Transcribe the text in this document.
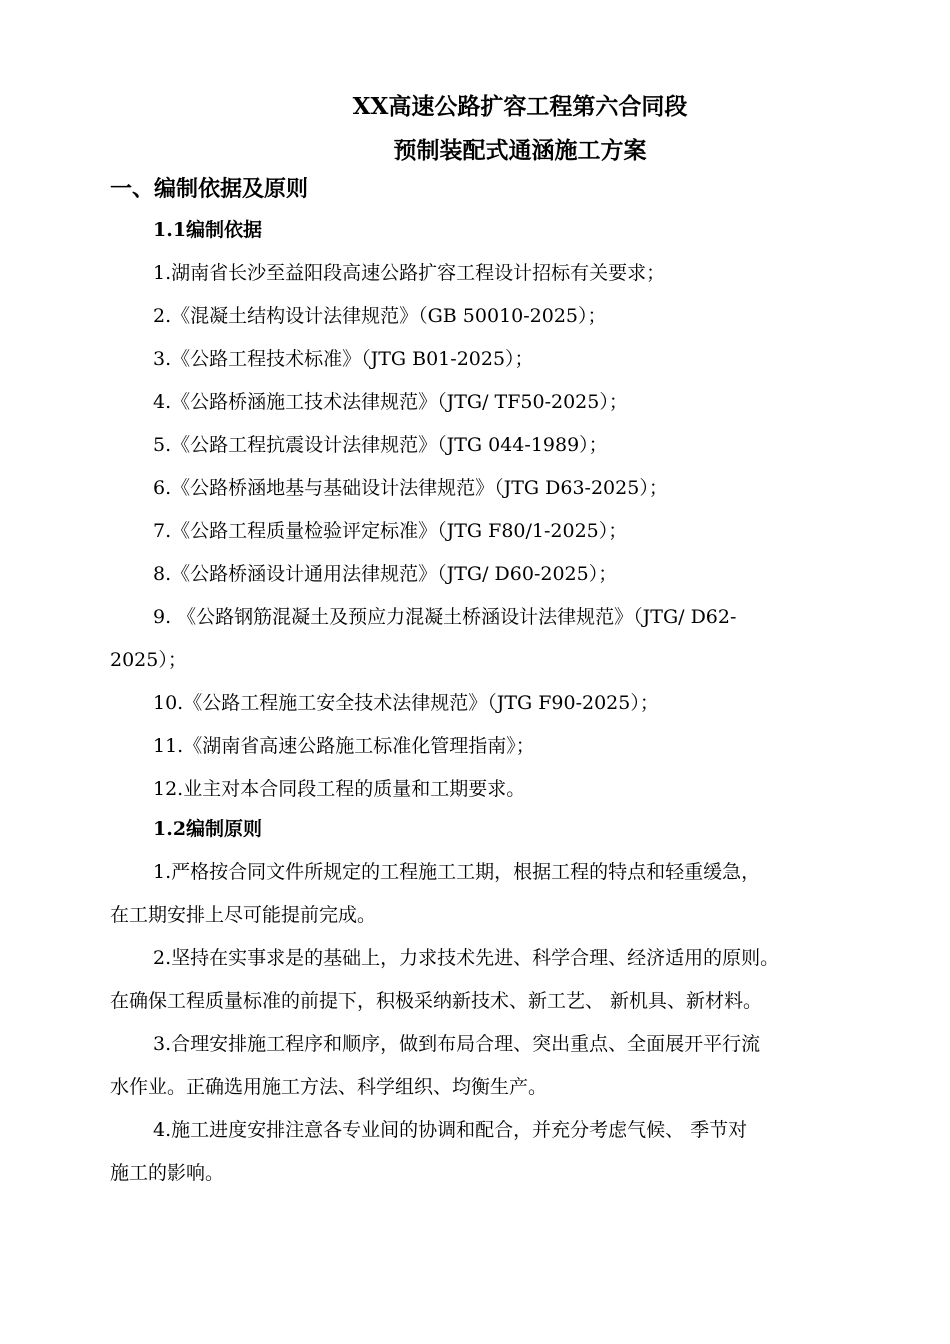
XX高速公路扩容工程第六合同段
预制装配式通涵施工方案
一、编制依据及原则
1.1编制依据
1.湖南省长沙至益阳段高速公路扩容工程设计招标有关要求；
2.《混凝土结构设计法律规范》（GB 50010-2025）；
3.《公路工程技术标准》（JTG B01-2025）；
4.《公路桥涵施工技术法律规范》（JTG/ TF50-2025）；
5.《公路工程抗震设计法律规范》（JTG 044-1989）；
6.《公路桥涵地基与基础设计法律规范》（JTG D63-2025）；
7.《公路工程质量检验评定标准》（JTG F80/1-2025）；
8.《公路桥涵设计通用法律规范》（JTG/ D60-2025）；
9. 《公路钢筋混凝土及预应力混凝土桥涵设计法律规范》（JTG/ D62-
2025）；
10.《公路工程施工安全技术法律规范》（JTG F90-2025）；
11.《湖南省高速公路施工标准化管理指南》；
12.业主对本合同段工程的质量和工期要求。
1.2编制原则
1.严格按合同文件所规定的工程施工工期，根据工程的特点和轻重缓急，
在工期安排上尽可能提前完成。
2.坚持在实事求是的基础上，力求技术先进、科学合理、经济适用的原则。
在确保工程质量标准的前提下，积极采纳新技术、新工艺、 新机具、新材料。
3.合理安排施工程序和顺序，做到布局合理、突出重点、全面展开平行流
水作业。正确选用施工方法、科学组织、均衡生产。
4.施工进度安排注意各专业间的协调和配合，并充分考虑气候、 季节对
施工的影响。
